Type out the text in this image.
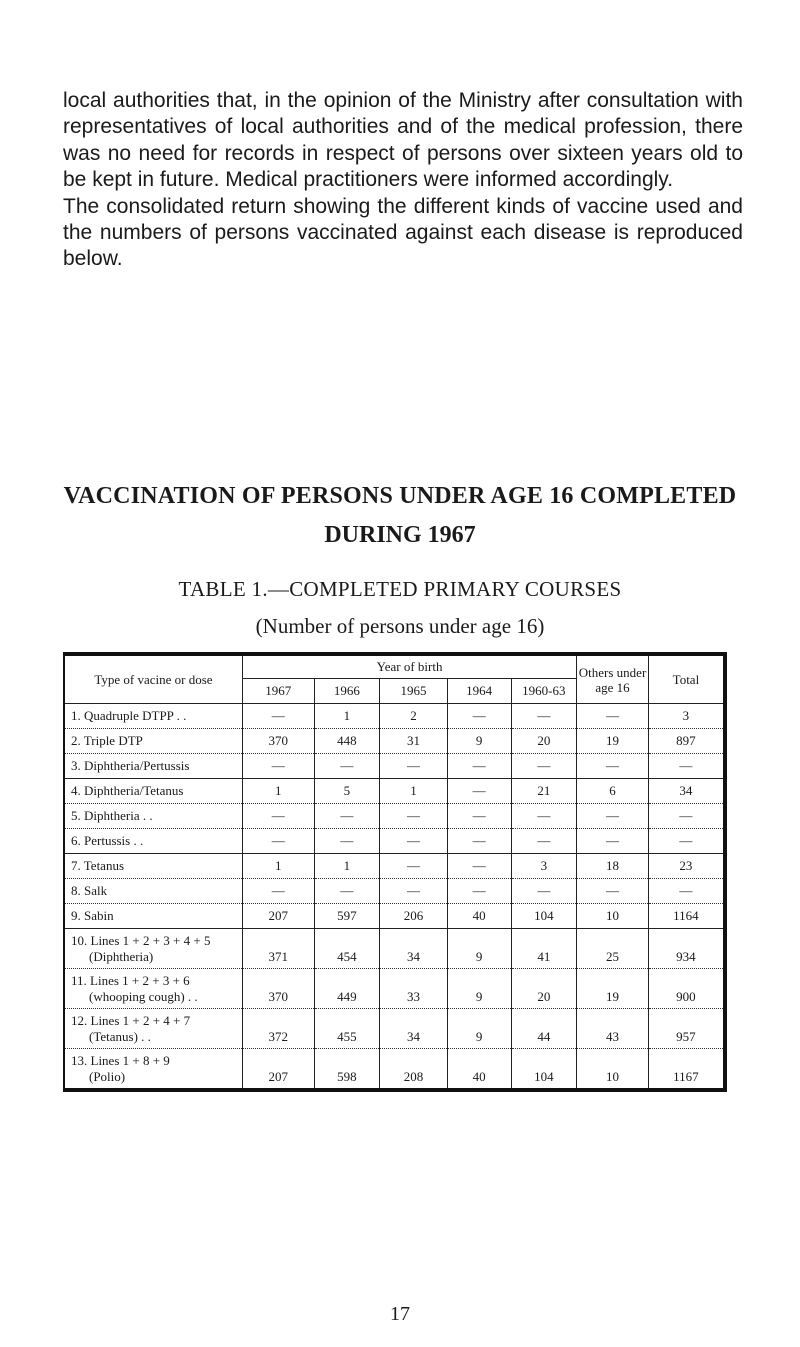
local authorities that, in the opinion of the Ministry after consultation with representatives of local authorities and of the medical profession, there was no need for records in respect of persons over sixteen years old to be kept in future. Medical practitioners were informed accordingly.

The consolidated return showing the different kinds of vaccine used and the numbers of persons vaccinated against each disease is reproduced below.

VACCINATION OF PERSONS UNDER AGE 16 COMPLETED
DURING 1967
TABLE 1.—COMPLETED PRIMARY COURSES
(Number of persons under age 16)
Type of vacine or dose	Year of birth					Others under age 16	Total
	1967	1966	1965	1964	1960-63		

1. Quadruple DTPP . .	—	1	2	—	—	—	3

2. Triple DTP	370	448	31	9	20	19	897

3. Diphtheria/Pertussis	—	—	—	—	—	—	—

4. Diphtheria/Tetanus	1	5	1	—	21	6	34

5. Diphtheria . .	—	—	—	—	—	—	—

6. Pertussis . .	—	—	—	—	—	—	—

7. Tetanus	1	1	—	—	3	18	23

8. Salk	—	—	—	—	—	—	—

9. Sabin	207	597	206	40	104	10	1164

10. Lines 1 + 2 + 3 + 4 + 5
(Diphtheria)	371	454	34	9	41	25	934

11. Lines 1 + 2 + 3 + 6
(whooping cough) . .	370	449	33	9	20	19	900

12. Lines 1 + 2 + 4 + 7
(Tetanus) . .	372	455	34	9	44	43	957

13. Lines 1 + 8 + 9
(Polio)	207	598	208	40	104	10	1167
17
